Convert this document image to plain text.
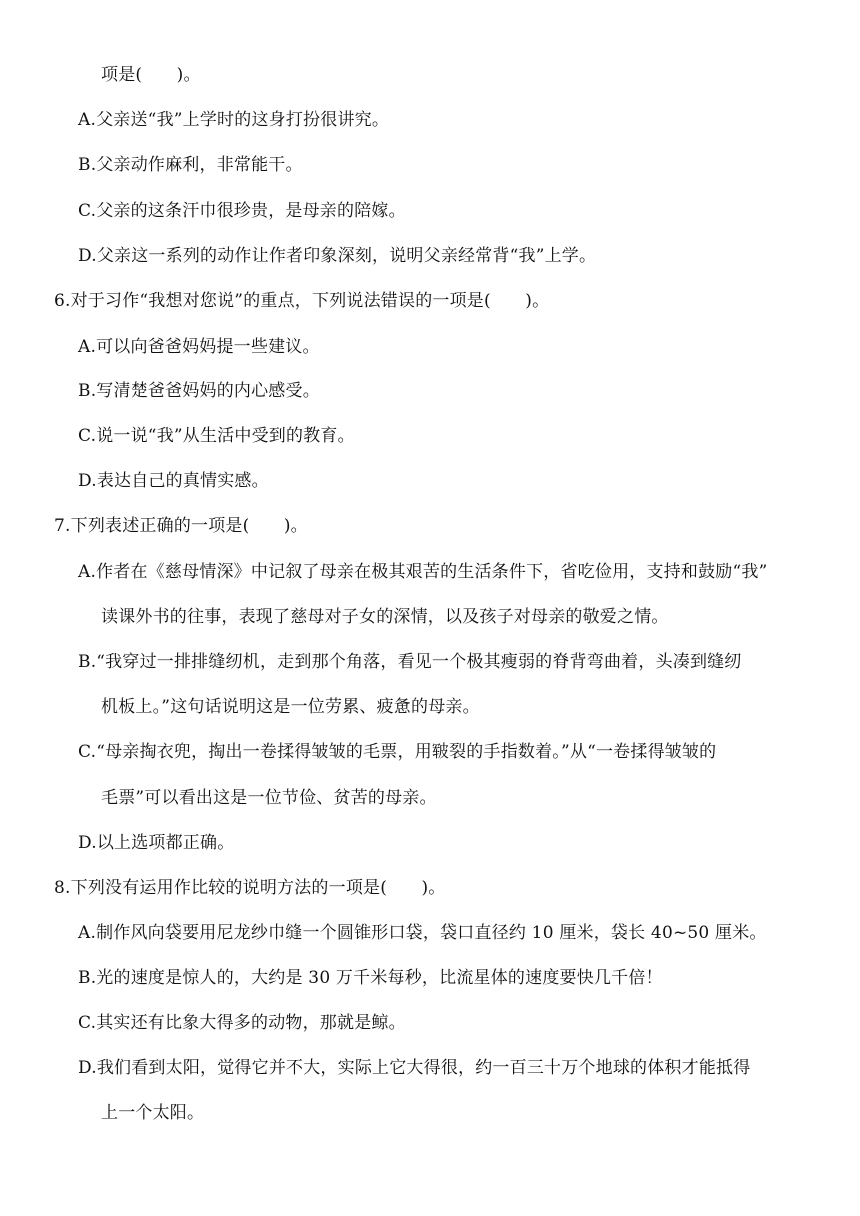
项是(　　)。
A.父亲送“我”上学时的这身打扮很讲究。
B.父亲动作麻利，非常能干。
C.父亲的这条汗巾很珍贵，是母亲的陪嫁。
D.父亲这一系列的动作让作者印象深刻，说明父亲经常背“我”上学。
6.对于习作“我想对您说”的重点，下列说法错误的一项是(　　)。
A.可以向爸爸妈妈提一些建议。
B.写清楚爸爸妈妈的内心感受。
C.说一说“我”从生活中受到的教育。
D.表达自己的真情实感。
7.下列表述正确的一项是(　　)。
A.作者在《慈母情深》中记叙了母亲在极其艰苦的生活条件下，省吃俭用，支持和鼓励“我”
读课外书的往事，表现了慈母对子女的深情，以及孩子对母亲的敬爱之情。
B.“我穿过一排排缝纫机，走到那个角落，看见一个极其瘦弱的脊背弯曲着，头凑到缝纫
机板上。”这句话说明这是一位劳累、疲惫的母亲。
C.“母亲掏衣兜，掏出一卷揉得皱皱的毛票，用皲裂的手指数着。”从“一卷揉得皱皱的
毛票”可以看出这是一位节俭、贫苦的母亲。
D.以上选项都正确。
8.下列没有运用作比较的说明方法的一项是(　　)。
A.制作风向袋要用尼龙纱巾缝一个圆锥形口袋，袋口直径约 10 厘米，袋长 40~50 厘米。
B.光的速度是惊人的，大约是 30 万千米每秒，比流星体的速度要快几千倍！
C.其实还有比象大得多的动物，那就是鲸。
D.我们看到太阳，觉得它并不大，实际上它大得很，约一百三十万个地球的体积才能抵得
上一个太阳。
